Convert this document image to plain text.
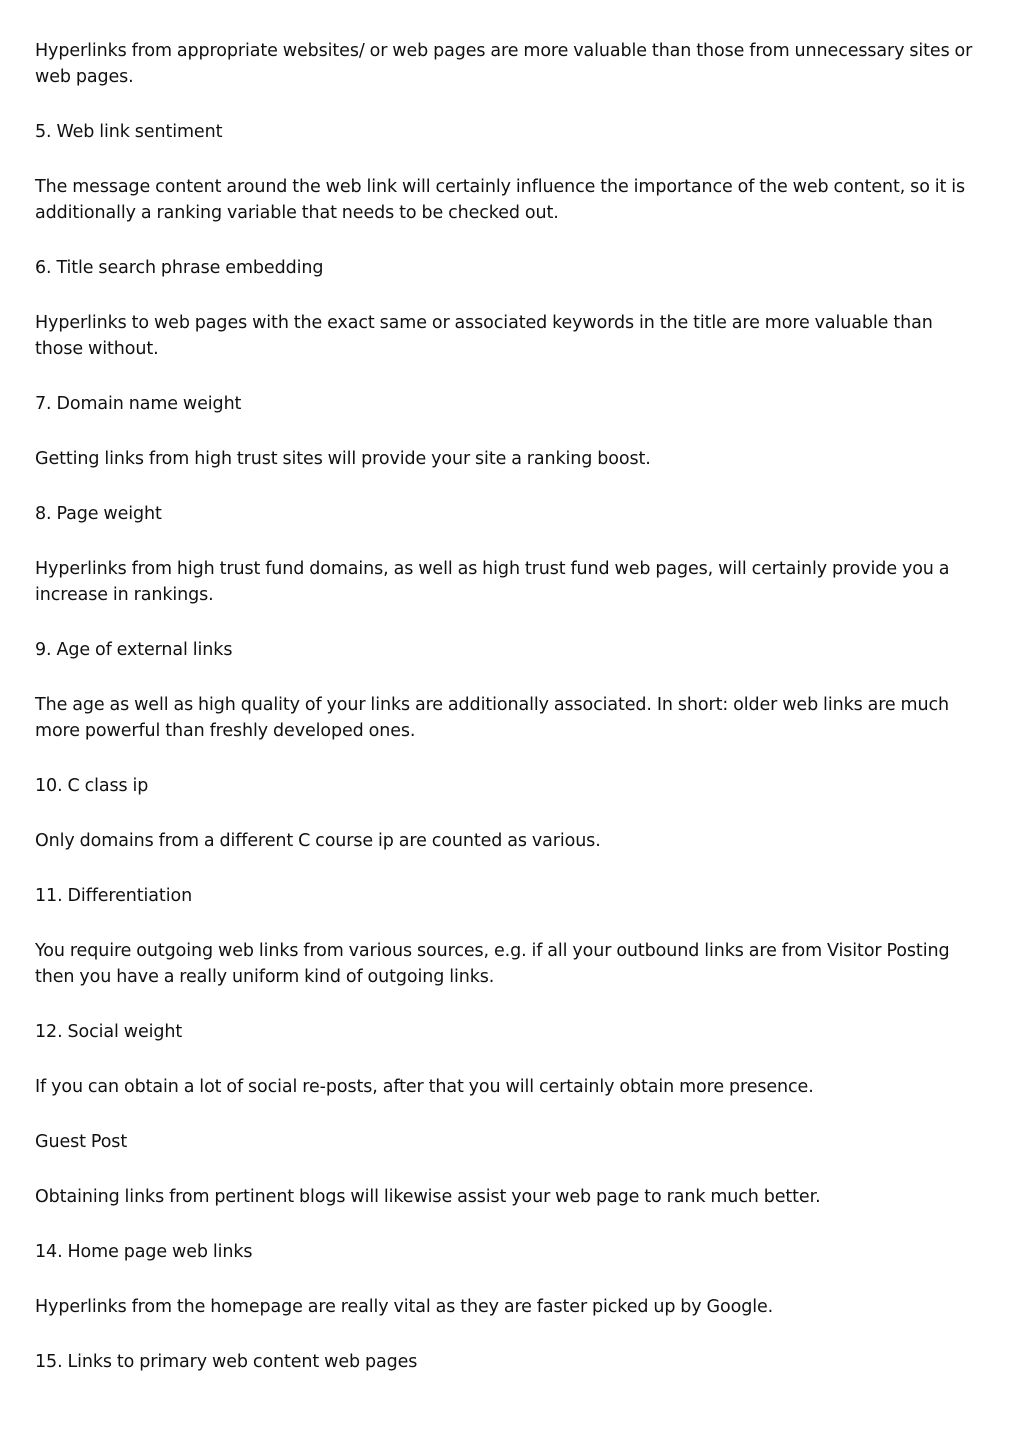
Hyperlinks from appropriate websites/ or web pages are more valuable than those from unnecessary sites or web pages.

5. Web link sentiment

The message content around the web link will certainly influence the importance of the web content, so it is additionally a ranking variable that needs to be checked out.

6. Title search phrase embedding

Hyperlinks to web pages with the exact same or associated keywords in the title are more valuable than those without.

7. Domain name weight

Getting links from high trust sites will provide your site a ranking boost.

8. Page weight

Hyperlinks from high trust fund domains, as well as high trust fund web pages, will certainly provide you a increase in rankings.

9. Age of external links

The age as well as high quality of your links are additionally associated. In short: older web links are much more powerful than freshly developed ones.

10. C class ip

Only domains from a different C course ip are counted as various.

11. Differentiation

You require outgoing web links from various sources, e.g. if all your outbound links are from Visitor Posting then you have a really uniform kind of outgoing links.

12. Social weight

If you can obtain a lot of social re-posts, after that you will certainly obtain more presence.

Guest Post

Obtaining links from pertinent blogs will likewise assist your web page to rank much better.

14. Home page web links

Hyperlinks from the homepage are really vital as they are faster picked up by Google.

15. Links to primary web content web pages
